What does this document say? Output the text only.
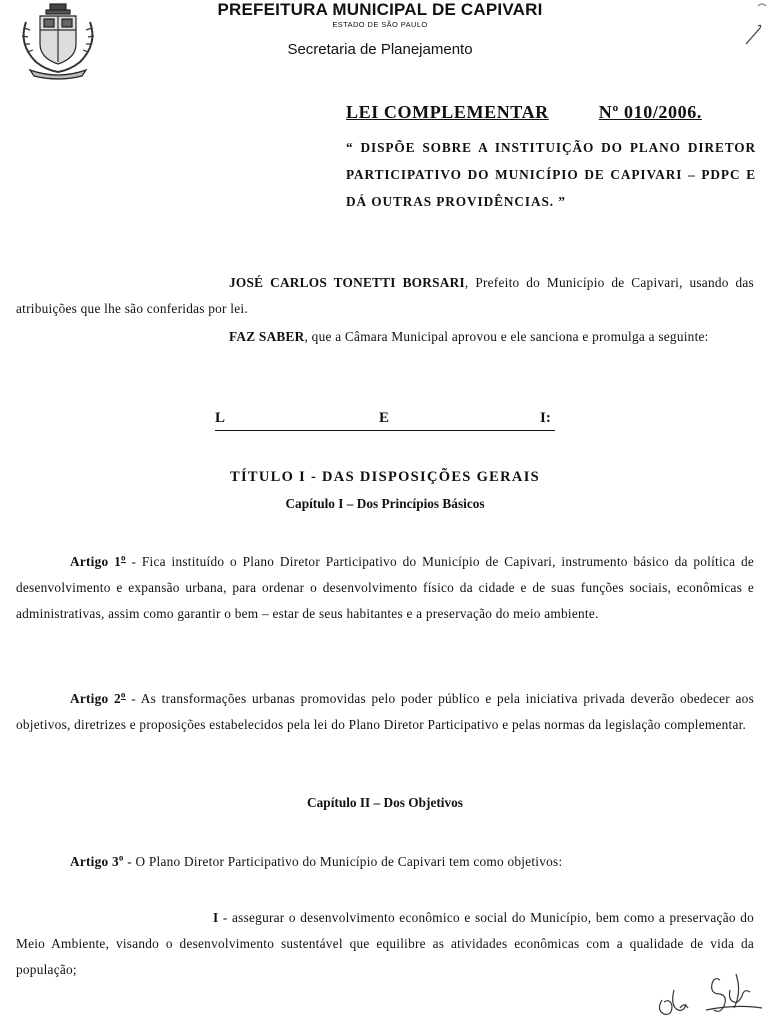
PREFEITURA MUNICIPAL DE CAPIVARI
ESTADO DE SÃO PAULO
Secretaria de Planejamento
LEI COMPLEMENTAR	Nº 010/2006.
“ DISPÕE SOBRE A INSTITUIÇÃO DO PLANO DIRETOR PARTICIPATIVO DO MUNICÍPIO DE CAPIVARI – PDPC E DÁ OUTRAS PROVIDÊNCIAS. ”
JOSÉ CARLOS TONETTI BORSARI, Prefeito do Município de Capivari, usando das atribuições que lhe são conferidas por lei.
FAZ SABER, que a Câmara Municipal aprovou e ele sanciona e promulga a seguinte:
L	E	I:
TÍTULO I - DAS DISPOSIÇÕES GERAIS
Capítulo I – Dos Princípios Básicos
Artigo 1$^o$ - Fica instituído o Plano Diretor Participativo do Município de Capivari, instrumento básico da política de desenvolvimento e expansão urbana, para ordenar o desenvolvimento físico da cidade e de suas funções sociais, econômicas e administrativas, assim como garantir o bem – estar de seus habitantes e a preservação do meio ambiente.
Artigo 2$^o$ - As transformações urbanas promovidas pelo poder público e pela iniciativa privada deverão obedecer aos objetivos, diretrizes e proposições estabelecidos pela lei do Plano Diretor Participativo e pelas normas da legislação complementar.
Capítulo II – Dos Objetivos
Artigo 3$^o$ - O Plano Diretor Participativo do Município de Capivari tem como objetivos:
I - assegurar o desenvolvimento econômico e social do Município, bem como a preservação do Meio Ambiente, visando o desenvolvimento sustentável que equilibre as atividades econômicas com a qualidade de vida da população;
